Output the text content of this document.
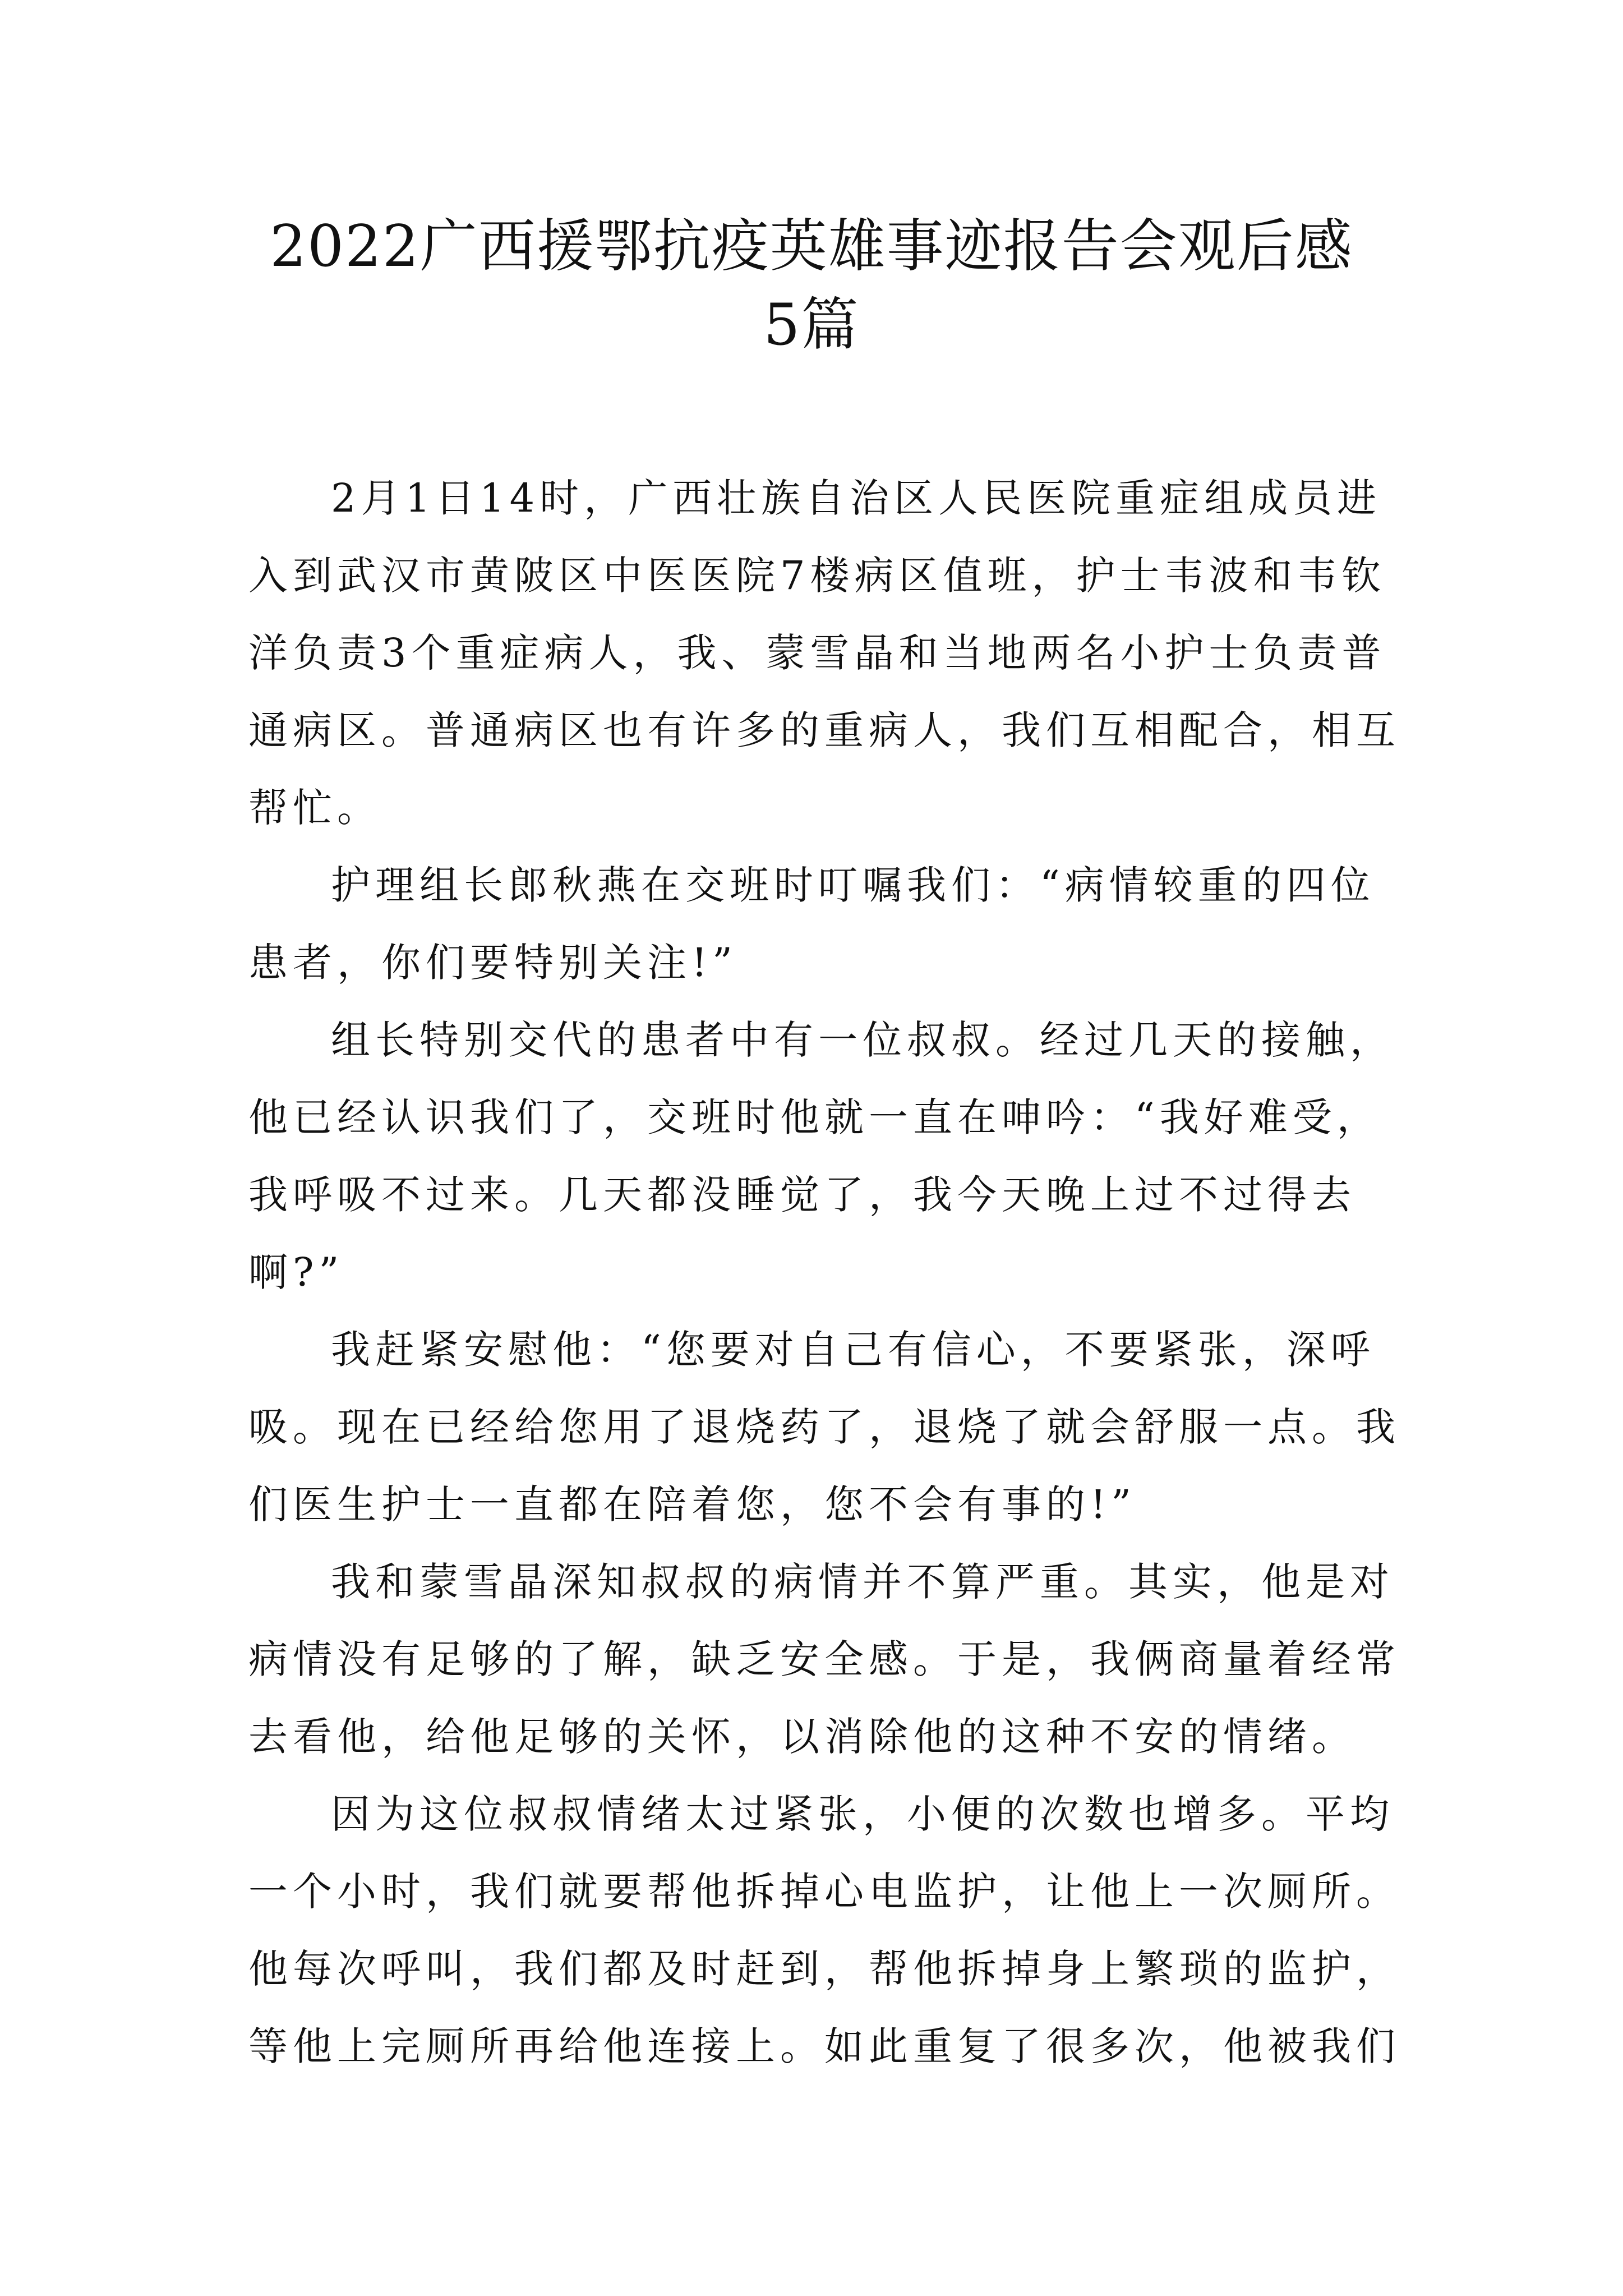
2022广西援鄂抗疫英雄事迹报告会观后感
5篇
2月1日14时，广西壮族自治区人民医院重症组成员进
入到武汉市黄陂区中医医院7楼病区值班，护士韦波和韦钦
洋负责3个重症病人，我、蒙雪晶和当地两名小护士负责普
通病区。普通病区也有许多的重病人，我们互相配合，相互
帮忙。
护理组长郎秋燕在交班时叮嘱我们：“病情较重的四位
患者，你们要特别关注!”
组长特别交代的患者中有一位叔叔。经过几天的接触，
他已经认识我们了，交班时他就一直在呻吟：“我好难受，
我呼吸不过来。几天都没睡觉了，我今天晚上过不过得去
啊?”
我赶紧安慰他：“您要对自己有信心，不要紧张，深呼
吸。现在已经给您用了退烧药了，退烧了就会舒服一点。我
们医生护士一直都在陪着您，您不会有事的!”
我和蒙雪晶深知叔叔的病情并不算严重。其实，他是对
病情没有足够的了解，缺乏安全感。于是，我俩商量着经常
去看他，给他足够的关怀，以消除他的这种不安的情绪。
因为这位叔叔情绪太过紧张，小便的次数也增多。平均
一个小时，我们就要帮他拆掉心电监护，让他上一次厕所。
他每次呼叫，我们都及时赶到，帮他拆掉身上繁琐的监护，
等他上完厕所再给他连接上。如此重复了很多次，他被我们
